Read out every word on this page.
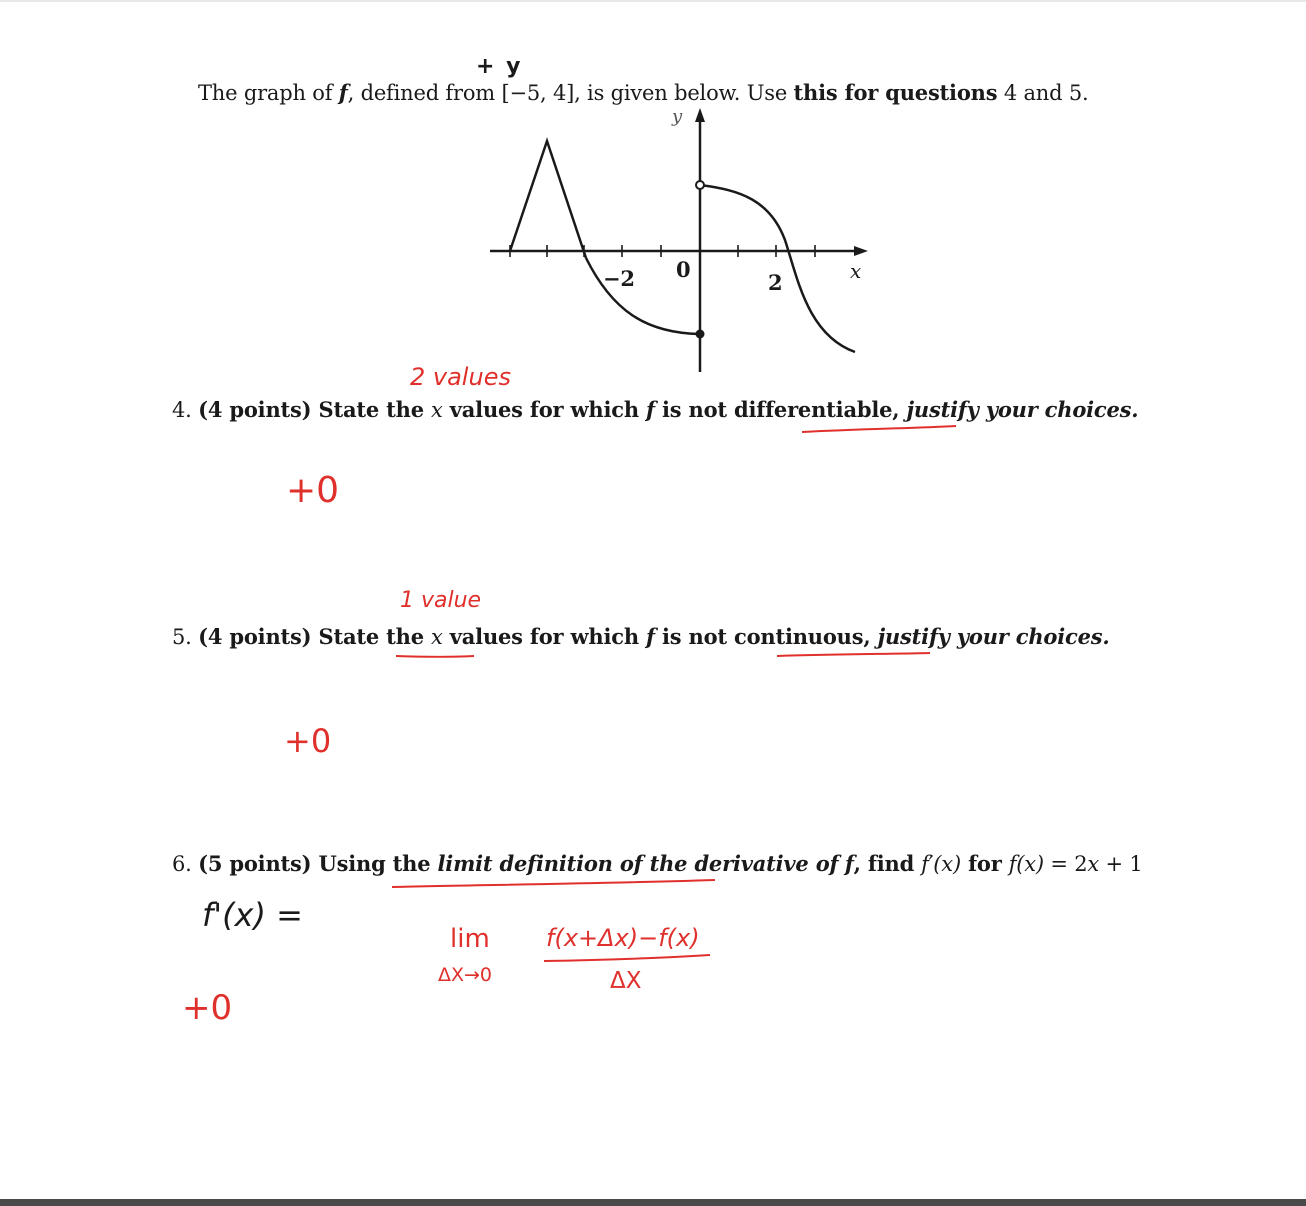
+ y
The graph of f, defined from [−5, 4], is given below. Use this for questions 4 and 5.
y
x
−2 0
2
2 values
4. (4 points) State the x values for which f is not differentiable, justify your choices.
+0
1 value
5. (4 points) State the x values for which f is not continuous, justify your choices.
+0
6. (5 points) Using the limit definition of the derivative of f, find f′(x) for f(x) = 2x + 1
f'(x) =
lim
ΔX→0
f(x+Δx)−f(x)
ΔX
+0
